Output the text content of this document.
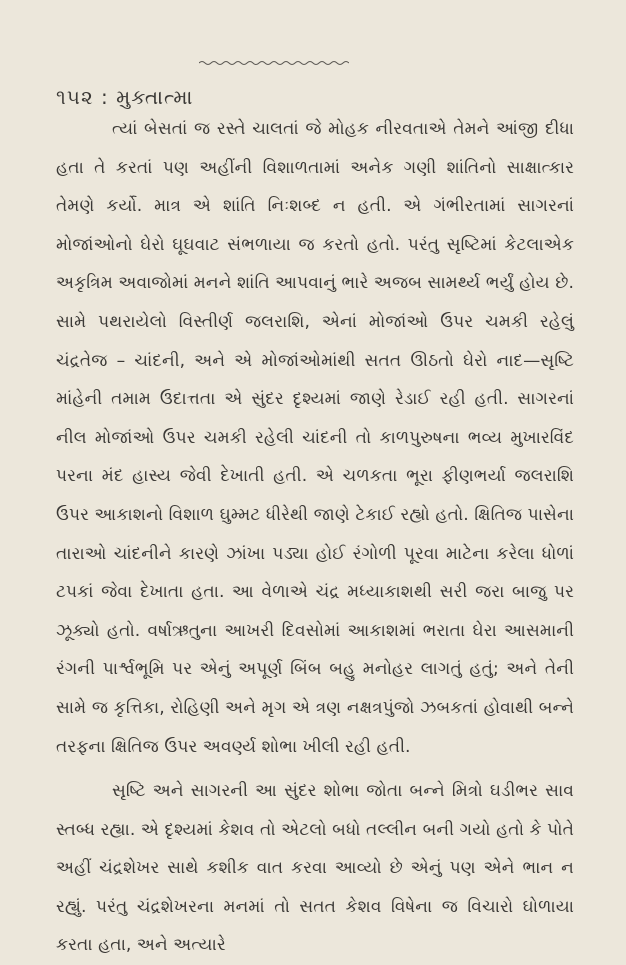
૧૫૨ : મુક્તાત્મા

ત્યાં બેસતાં જ રસ્તે ચાલતાં જે મોહક નીરવતાએ તેમને આંજી દીધા હતા તે કરતાં પણ અહીંની વિશાળતામાં અનેક ગણી શાંતિનો સાક્ષાત્કાર તેમણે કર્યો. માત્ર એ શાંતિ નિઃશબ્દ ન હતી. એ ગંભીરતામાં સાગરનાં મોજાંઓનો ઘેરો ઘૂઘવાટ સંભળાયા જ કરતો હતો. પરંતુ સૃષ્ટિમાં કેટલાએક અકૃત્રિમ અવાજોમાં મનને શાંતિ આપવાનું ભારે અજબ સામર્થ્ય ભર્યું હોય છે. સામે પથરાયેલો વિસ્તીર્ણ જલરાશિ, એનાં મોજાંઓ ઉપર ચમકી રહેલું ચંદ્રતેજ – ચાંદની, અને એ મોજાંઓમાંથી સતત ઊઠતો ઘેરો નાદ—સૃષ્ટિ માંહેની તમામ ઉદાત્તતા એ સુંદર દૃશ્યમાં જાણે રેડાઈ રહી હતી. સાગરનાં નીલ મોજાંઓ ઉપર ચમકી રહેલી ચાંદની તો કાળપુરુષના ભવ્ય મુખારવિંદ પરના મંદ હાસ્ય જેવી દેખાતી હતી. એ ચળકતા ભૂરા ફીણભર્યા જલરાશિ ઉપર આકાશનો વિશાળ ઘુમ્મટ ધીરેથી જાણે ટેકાઈ રહ્યો હતો. ક્ષિતિજ પાસેના તારાઓ ચાંદનીને કારણે ઝાંખા પડ્યા હોઈ રંગોળી પૂરવા માટેના કરેલા ધોળાં ટપકાં જેવા દેખાતા હતા. આ વેળાએ ચંદ્ર મધ્યાકાશથી સરી જરા બાજુ પર ઝૂક્યો હતો. વર્ષાઋતુના આખરી દિવસોમાં આકાશમાં ભરાતા ઘેરા આસમાની રંગની પાર્શ્વભૂમિ પર એનું અપૂર્ણ બિંબ બહુ મનોહર લાગતું હતું; અને તેની સામે જ કૃત્તિકા, રોહિણી અને મૃગ એ ત્રણ નક્ષત્રપુંજો ઝબકતાં હોવાથી બન્ને તરફના ક્ષિતિજ ઉપર અવર્ણ્ય શોભા ખીલી રહી હતી.

સૃષ્ટિ અને સાગરની આ સુંદર શોભા જોતા બન્ને મિત્રો ઘડીભર સાવ સ્તબ્ધ રહ્યા. એ દૃશ્યમાં કેશવ તો એટલો બધો તલ્લીન બની ગયો હતો કે પોતે અહીં ચંદ્રશેખર સાથે કશીક વાત કરવા આવ્યો છે એનું પણ એને ભાન ન રહ્યું. પરંતુ ચંદ્રશેખરના મનમાં તો સતત કેશવ વિષેના જ વિચારો ઘોળાયા કરતા હતા, અને અત્યારે
